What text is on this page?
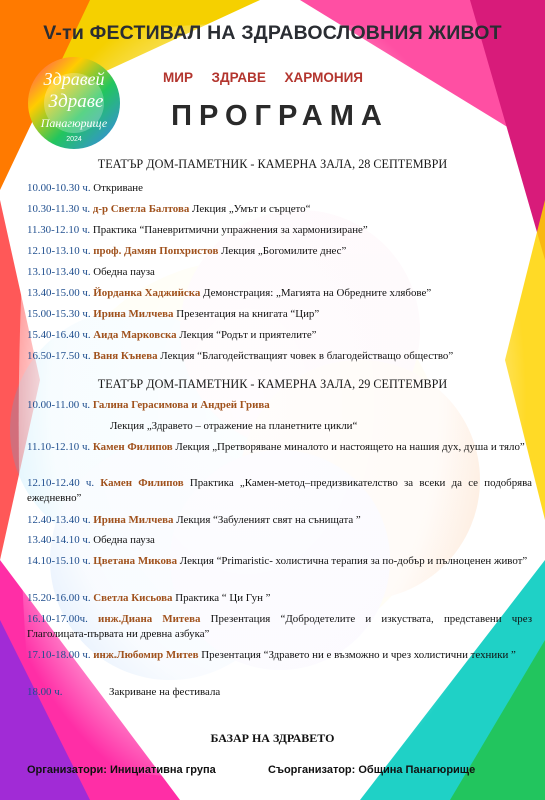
V-ти ФЕСТИВАЛ НА ЗДРАВОСЛОВНИЯ ЖИВОТ
Здравей
Здраве
Панагюрище
2024
МИР ЗДРАВЕ ХАРМОНИЯ
ПРОГРАМА
ТЕАТЪР ДОМ-ПАМЕТНИК - КАМЕРНА ЗАЛА, 28 СЕПТЕМВРИ
10.00-10.30 ч. Откриване
10.30-11.30 ч. д-р Светла Балтова Лекция „Умът и сърцето“
11.30-12.10 ч. Практика “Паневритмични упражнения за хармонизиране”
12.10-13.10 ч. проф. Дамян Попхристов Лекция „Богомилите днес”
13.10-13.40 ч. Обедна пауза
13.40-15.00 ч. Йорданка Хаджийска Демонстрация: „Магията на Обредните хлябове”
15.00-15.30 ч. Ирина Милчева Презентация на книгата “Цир”
15.40-16.40 ч. Аида Марковска Лекция “Родът и приятелите”
16.50-17.50 ч. Ваня Кънева Лекция “Благодействащият човек в благодействащо общество”
ТЕАТЪР ДОМ-ПАМЕТНИК - КАМЕРНА ЗАЛА, 29 СЕПТЕМВРИ
10.00-11.00 ч. Галина Герасимова и Андрей Грива
Лекция „Здравето – отражение на планетните цикли“
11.10-12.10 ч. Камен Филипов Лекция „Претворяване миналото и настоящето на нашия дух, душа и тяло”
12.10-12.40 ч. Камен Филипов Практика „Камен-метод–предизвикателство за всеки да се подобрява ежедневно”
12.40-13.40 ч. Ирина Милчева Лекция “Забуленият свят на сънищата ”
13.40-14.10 ч. Обедна пауза
14.10-15.10 ч. Цветана Микова Лекция “Primaristic- холистична терапия за по-добър и пълноценен живот”
15.20-16.00 ч. Светла Кисьова Практика “ Ци Гун ”
16.10-17.00ч. инж.Диана Митева Презентация “Добродетелите и изкуствата, представени чрез Глаголицата-първата ни древна азбука”
17.10-18.00 ч. инж.Любомир Митев Презентация “Здравето ни е възможно и чрез холистични техники ”
18.00 ч.	Закриване на фестивала
БАЗАР НА ЗДРАВЕТО
Организатори: Инициативна група	Съорганизатор: Община Панагюрище
